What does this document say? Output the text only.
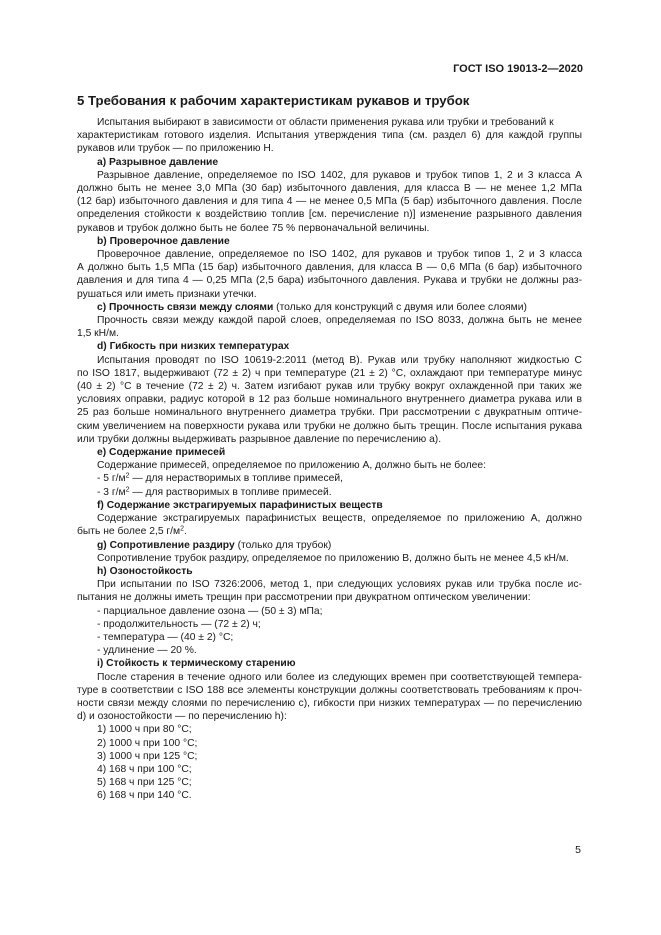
ГОСТ ISO 19013-2—2020
5 Требования к рабочим характеристикам рукавов и трубок

Испытания выбирают в зависимости от области применения рукава или трубки и требований к

характеристикам готового изделия. Испытания утверждения типа (см. раздел 6) для каждой группы

рукавов или трубок — по приложению Н.

а) Разрывное давление

Разрывное давление, определяемое по ISO 1402, для рукавов и трубок типов 1, 2 и 3 класса А

должно быть не менее 3,0 МПа (30 бар) избыточного давления, для класса В — не менее 1,2 МПа

(12 бар) избыточного давления и для типа 4 — не менее 0,5 МПа (5 бар) избыточного давления. После

определения стойкости к воздействию топлив [см. перечисление n)] изменение разрывного давления

рукавов и трубок должно быть не более 75 % первоначальной величины.

b) Проверочное давление

Проверочное давление, определяемое по ISO 1402, для рукавов и трубок типов 1, 2 и 3 класса

А должно быть 1,5 МПа (15 бар) избыточного давления, для класса В — 0,6 МПа (6 бар) избыточного

давления и для типа 4 — 0,25 МПа (2,5 бара) избыточного давления. Рукава и трубки не должны раз-

рушаться или иметь признаки утечки.

с) Прочность связи между слоями (только для конструкций с двумя или более слоями)

Прочность связи между каждой парой слоев, определяемая по ISO 8033, должна быть не менее

1,5 кН/м.

d) Гибкость при низких температурах

Испытания проводят по ISO 10619-2:2011 (метод В). Рукав или трубку наполняют жидкостью С

по ISO 1817, выдерживают (72 ± 2) ч при температуре (21 ± 2) °С, охлаждают при температуре минус

(40 ± 2) °С в течение (72 ± 2) ч. Затем изгибают рукав или трубку вокруг охлажденной при таких же

условиях оправки, радиус которой в 12 раз больше номинального внутреннего диаметра рукава или в

25 раз больше номинального внутреннего диаметра трубки. При рассмотрении с двукратным оптиче-

ским увеличением на поверхности рукава или трубки не должно быть трещин. После испытания рукава

или трубки должны выдерживать разрывное давление по перечислению а).

е) Содержание примесей

Содержание примесей, определяемое по приложению А, должно быть не более:

- 5 $г/м^2$ — для нерастворимых в топливе примесей,

- 3 $г/м^2$ — для растворимых в топливе примесей.

f) Содержание экстрагируемых парафинистых веществ

Содержание экстрагируемых парафинистых веществ, определяемое по приложению А, должно

быть не более 2,5 $г/м^2$.

g) Сопротивление раздиру (только для трубок)

Сопротивление трубок раздиру, определяемое по приложению В, должно быть не менее 4,5 кН/м.

h) Озоностойкость

При испытании по ISO 7326:2006, метод 1, при следующих условиях рукав или трубка после ис-

пытания не должны иметь трещин при рассмотрении при двукратном оптическом увеличении:

- парциальное давление озона — (50 ± 3) мПа;

- продолжительность — (72 ± 2) ч;

- температура — (40 ± 2) °С;

- удлинение — 20 %.

i) Стойкость к термическому старению

После старения в течение одного или более из следующих времен при соответствующей темпера-

туре в соответствии с ISO 188 все элементы конструкции должны соответствовать требованиям к проч-

ности связи между слоями по перечислению с), гибкости при низких температурах — по перечислению

d) и озоностойкости — по перечислению h):

1) 1000 ч при 80 °С;

2) 1000 ч при 100 °С;

3) 1000 ч при 125 °С;

4) 168 ч при 100 °С;

5) 168 ч при 125 °С;

6) 168 ч при 140 °С.

5
